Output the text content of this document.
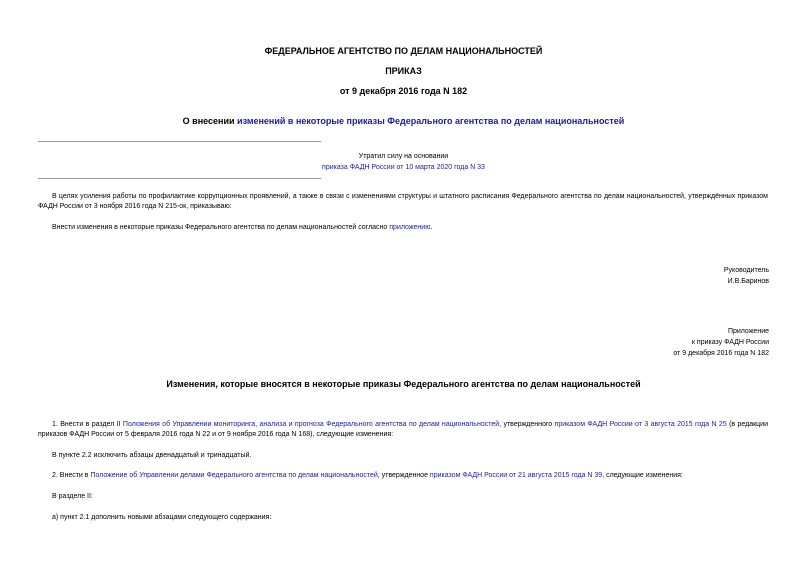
ФЕДЕРАЛЬНОЕ АГЕНТСТВО ПО ДЕЛАМ НАЦИОНАЛЬНОСТЕЙ
ПРИКАЗ
от 9 декабря 2016 года N 182
О внесении изменений в некоторые приказы Федерального агентства по делам национальностей
Утратил силу на основании
приказа ФАДН России от 10 марта 2020 года N 33
В целях усиления работы по профилактике коррупционных проявлений, а также в связи с изменениями структуры и штатного расписания Федерального агентства по делам национальностей, утверждённых приказом ФАДН России от 3 ноября 2016 года N 215-ок, приказываю:
Внести изменения в некоторые приказы Федерального агентства по делам национальностей согласно приложению.
Руководитель
И.В.Баринов
Приложение
к приказу ФАДН России
от 9 декабря 2016 года N 182
Изменения, которые вносятся в некоторые приказы Федерального агентства по делам национальностей
1. Внести в раздел II Положения об Управлении мониторинга, анализа и прогноза Федерального агентства по делам национальностей, утвержденного приказом ФАДН России от 3 августа 2015 года N 25 (в редакции приказов ФАДН России от 5 февраля 2016 года N 22 и от 9 ноября 2016 года N 168), следующие изменения:
В пункте 2.2 исключить абзацы двенадцатый и тринадцатый.
2. Внести в Положение об Управлении делами Федерального агентства по делам национальностей, утвержденное приказом ФАДН России от 21 августа 2015 года N 39, следующие изменения:
В разделе II:
а) пункт 2.1 дополнить новыми абзацами следующего содержания:
